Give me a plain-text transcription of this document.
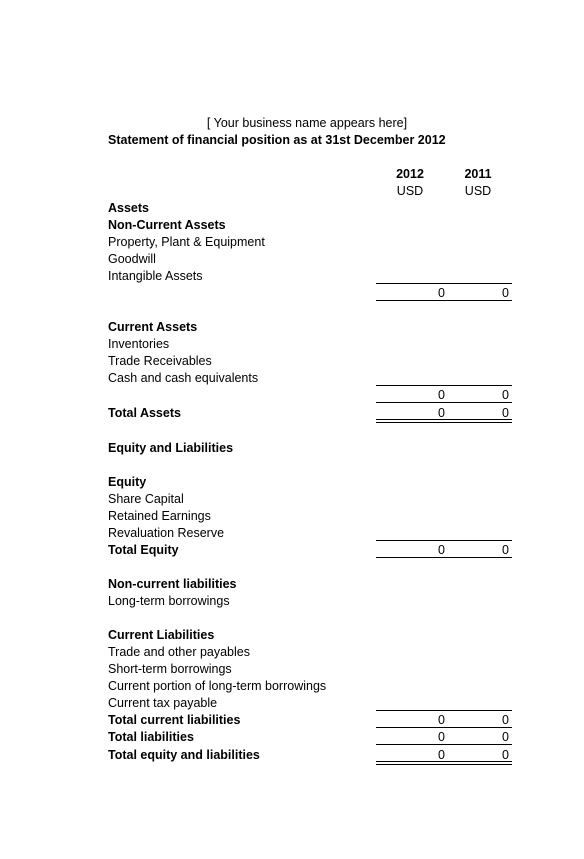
[ Your business name appears here]
Statement of financial position as at 31st December 2012
2012	2011
USD	USD
Assets
Non-Current Assets
Property, Plant & Equipment
Goodwill
Intangible Assets
0	0
Current Assets
Inventories
Trade Receivables
Cash and cash equivalents
0	0
Total Assets	0	0
Equity and Liabilities
Equity
Share Capital
Retained Earnings
Revaluation Reserve
Total Equity	0	0
Non-current liabilities
Long-term borrowings
Current Liabilities
Trade and other payables
Short-term borrowings
Current portion of long-term borrowings
Current tax payable
Total current liabilities	0	0
Total liabilities	0	0
Total equity and liabilities	0	0
